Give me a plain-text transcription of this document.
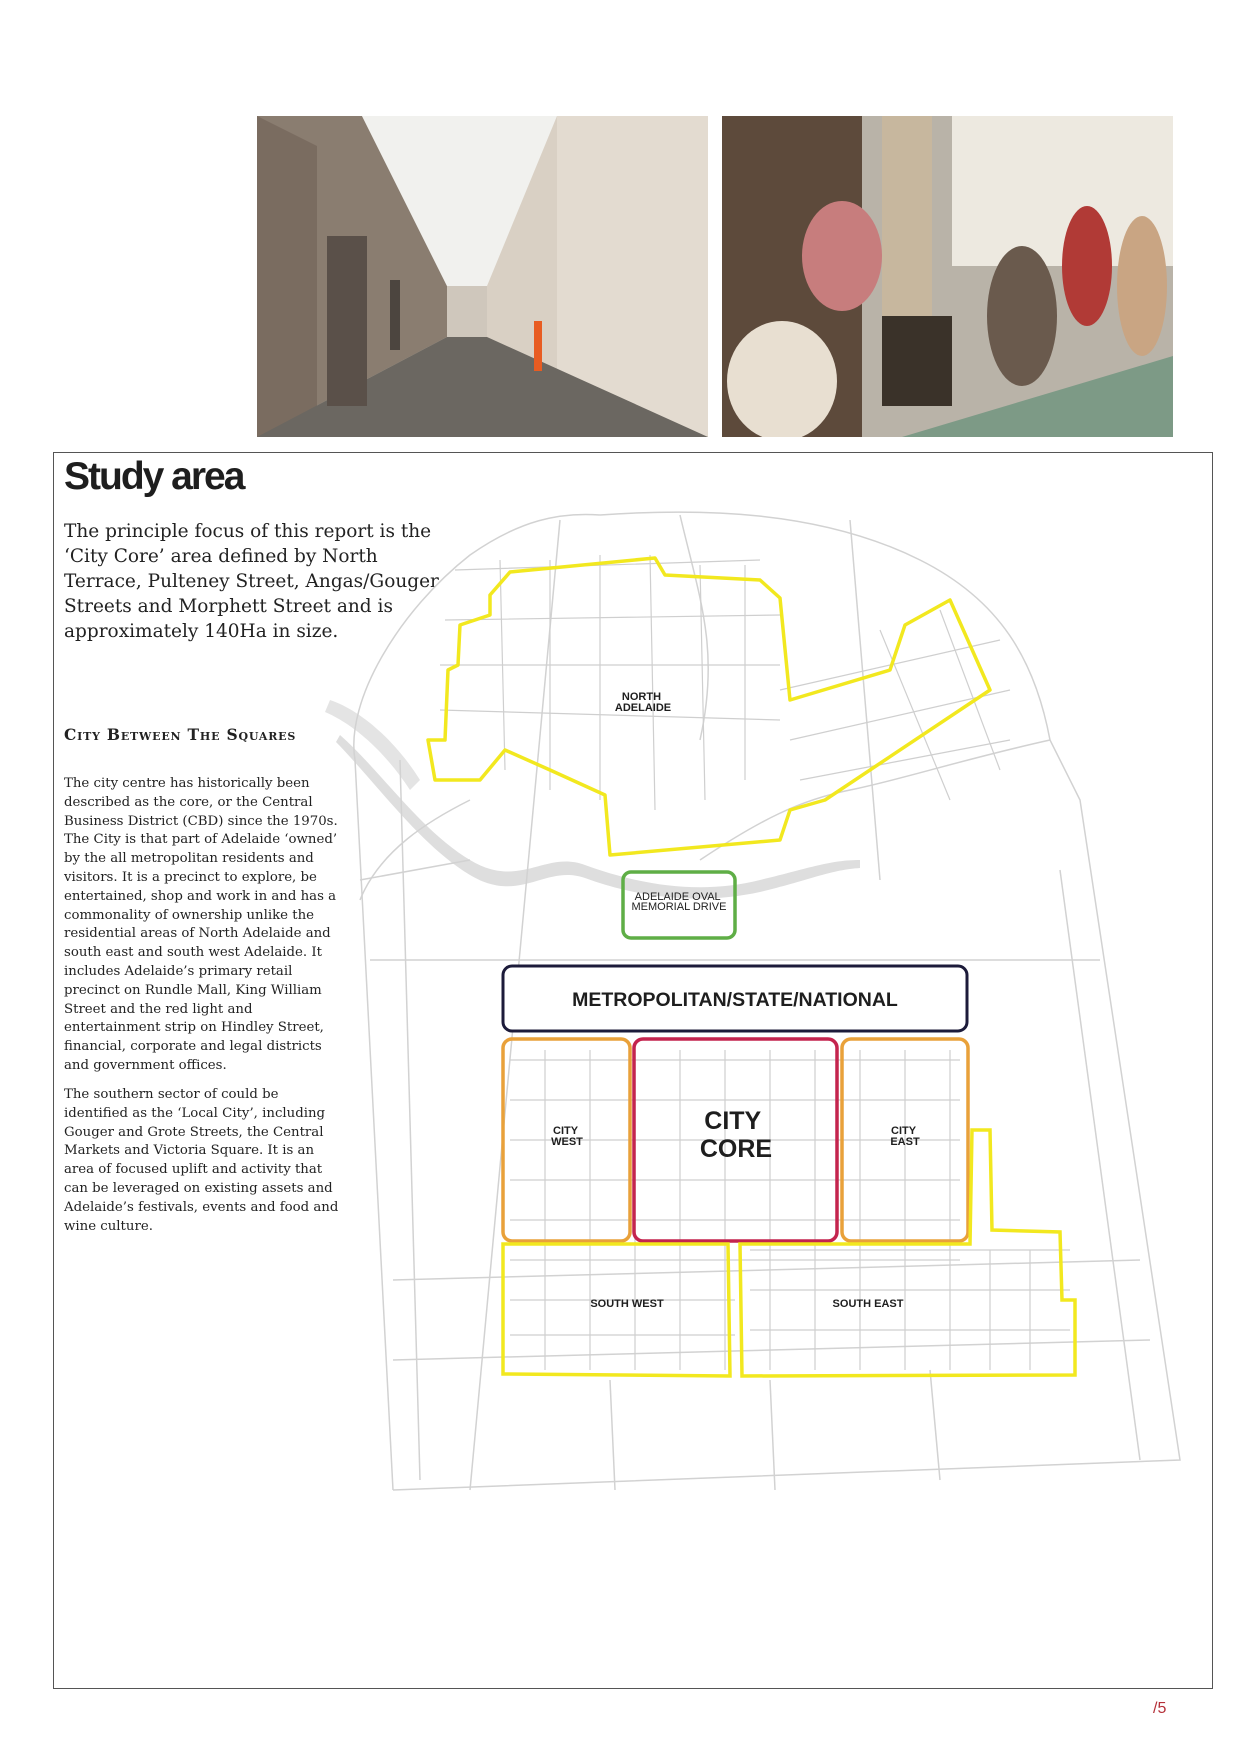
Study area

The principle focus of this report is the ‘City Core’ area defined by North Terrace, Pulteney Street, Angas/Gouger Streets and Morphett Street and is approximately 140Ha in size.

City Between The Squares

The city centre has historically been described as the core, or the Central Business District (CBD) since the 1970s. The City is that part of Adelaide ‘owned’ by the all metropolitan residents and visitors. It is a precinct to explore, be entertained, shop and work in and has a commonality of ownership unlike the residential areas of North Adelaide and south east and south west Adelaide. It includes Adelaide’s primary retail precinct on Rundle Mall, King William Street and the red light and entertainment strip on Hindley Street, financial, corporate and legal districts and government offices.

The southern sector of could be identified as the ‘Local City’, including Gouger and Grote Streets, the Central Markets and Victoria Square. It is an area of focused uplift and activity that can be leveraged on existing assets and Adelaide’s festivals, events and food and wine culture.

NORTH ADELAIDE
ADELAIDE OVAL MEMORIAL DRIVE
METROPOLITAN/STATE/NATIONAL
CITY WEST
CITY CORE
CITY EAST
SOUTH WEST	SOUTH EAST

/5
